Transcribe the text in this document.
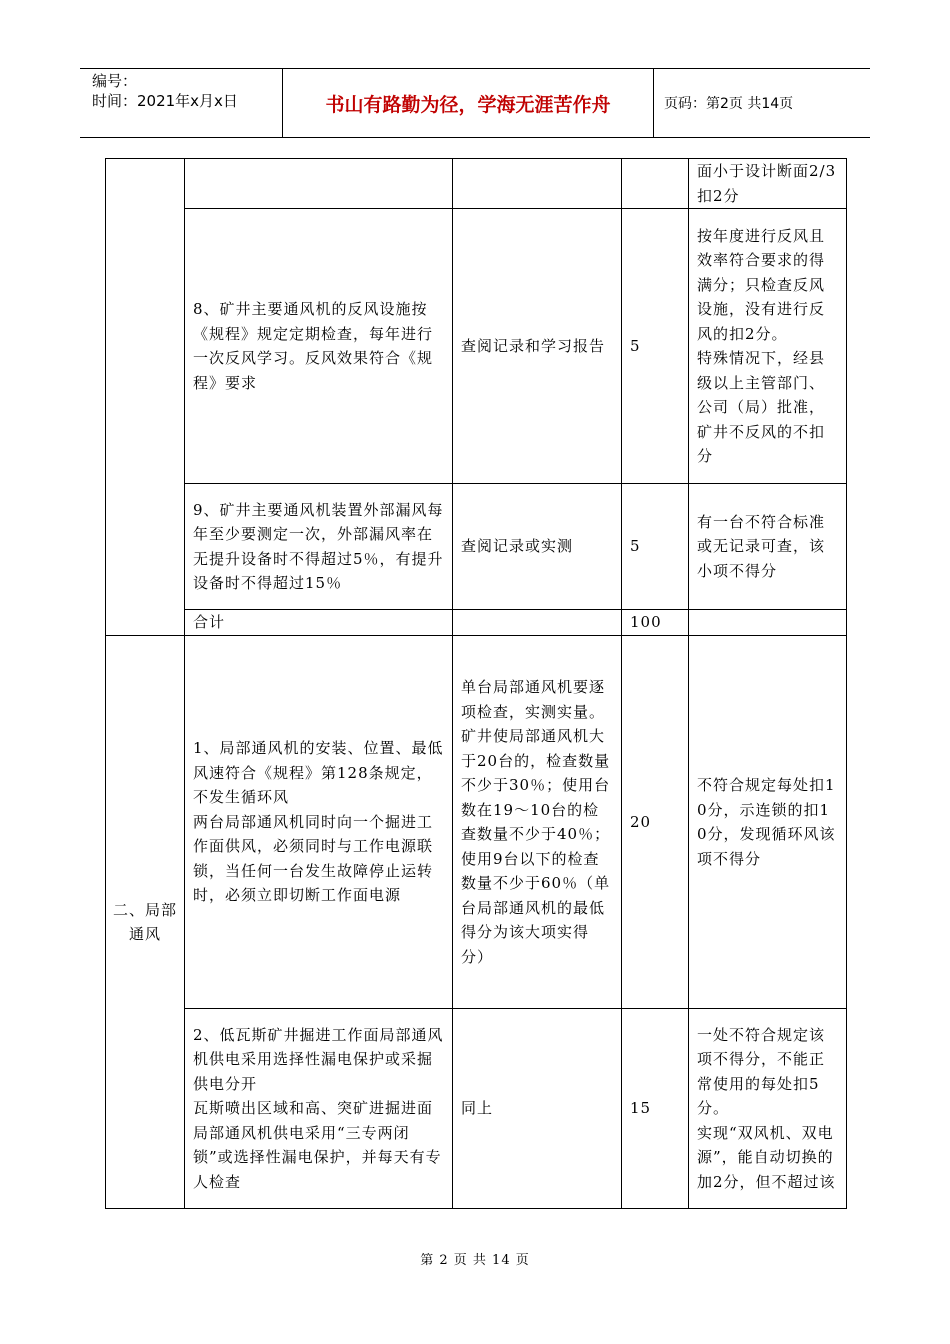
编号：
时间：2021年x月x日	书山有路勤为径，学海无涯苦作舟	页码：第2页 共14页
				面小于设计断面2/3扣2分
	8、矿井主要通风机的反风设施按《规程》规定定期检查，每年进行一次反风学习。反风效果符合《规程》要求	查阅记录和学习报告	5	按年度进行反风且效率符合要求的得满分；只检查反风设施，没有进行反风的扣2分。
特殊情况下，经县级以上主管部门、公司（局）批准，矿井不反风的不扣分
	9、矿井主要通风机装置外部漏风每年至少要测定一次，外部漏风率在无提升设备时不得超过5％，有提升设备时不得超过15％	查阅记录或实测	5	有一台不符合标准或无记录可查，该小项不得分
	合计		100	
二、局部通风	1、局部通风机的安装、位置、最低风速符合《规程》第128条规定，不发生循环风
两台局部通风机同时向一个掘进工作面供风，必须同时与工作电源联锁，当任何一台发生故障停止运转时，必须立即切断工作面电源	单台局部通风机要逐项检查，实测实量。矿井使局部通风机大于20台的，检查数量不少于30％；使用台数在19～10台的检查数量不少于40％；使用9台以下的检查数量不少于60％（单台局部通风机的最低得分为该大项实得分）	20	不符合规定每处扣10分，示连锁的扣10分，发现循环风该项不得分
	2、低瓦斯矿井掘进工作面局部通风机供电采用选择性漏电保护或采掘供电分开
瓦斯喷出区域和高、突矿进掘进面局部通风机供电采用“三专两闭锁”或选择性漏电保护，并每天有专人检查	同上	15	一处不符合规定该项不得分，不能正常使用的每处扣5分。
实现“双风机、双电源”，能自动切换的加2分，但不超过该
第 2 页 共 14 页
